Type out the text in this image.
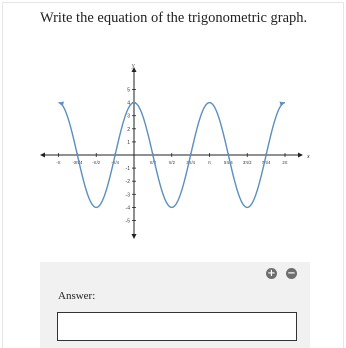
Write the equation of the trigonometric graph.
x
y
5
4
3
2
1
-1
-2
-3
-4
-5
-π	-3π/4 -π/2	-π/4	π/4	π/2	3π/4	π	5π/4 3π/2 7π/4	2π
+ −
Answer:
